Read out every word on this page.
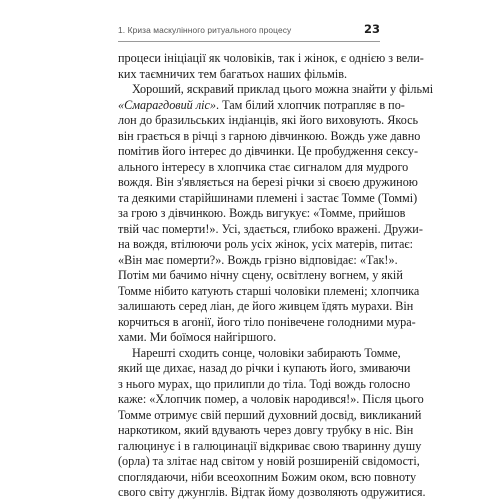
1. Криза маскулінного ритуального процесу	23
процеси ініціації як чоловіків, так і жінок, є однією з вели-
ких таємничих тем багатьох наших фільмів.
Хороший, яскравий приклад цього можна знайти у фільмі
«Смарагдовий ліс». Там білий хлопчик потрапляє в по-
лон до бразильських індіанців, які його виховують. Якось
він грається в річці з гарною дівчинкою. Вождь уже давно
помітив його інтерес до дівчинки. Це пробудження сексу-
ального інтересу в хлопчика стає сигналом для мудрого
вождя. Він з'являється на березі річки зі своєю дружиною
та деякими старійшинами племені і застає Томме (Томмі)
за грою з дівчинкою. Вождь вигукує: «Томме, прийшов
твій час померти!». Усі, здається, глибоко вражені. Дружи-
на вождя, втілюючи роль усіх жінок, усіх матерів, питає:
«Він має померти?». Вождь грізно відповідає: «Так!».
Потім ми бачимо нічну сцену, освітлену вогнем, у якій
Томме нібито катують старші чоловіки племені; хлопчика
залишають серед ліан, де його живцем їдять мурахи. Він
корчиться в агонії, його тіло понівечене голодними мура-
хами. Ми боїмося найгіршого.
Нарешті сходить сонце, чоловіки забирають Томме,
який ще дихає, назад до річки і купають його, змиваючи
з нього мурах, що прилипли до тіла. Тоді вождь голосно
каже: «Хлопчик помер, а чоловік народився!». Після цього
Томме отримує свій перший духовний досвід, викликаний
наркотиком, який вдувають через довгу трубку в ніс. Він
галюцинує і в галюцинації відкриває свою тваринну душу
(орла) та злітає над світом у новій розширеній свідомості,
споглядаючи, ніби всеохопним Божим оком, всю повноту
свого світу джунглів. Відтак йому дозволяють одружитися.
